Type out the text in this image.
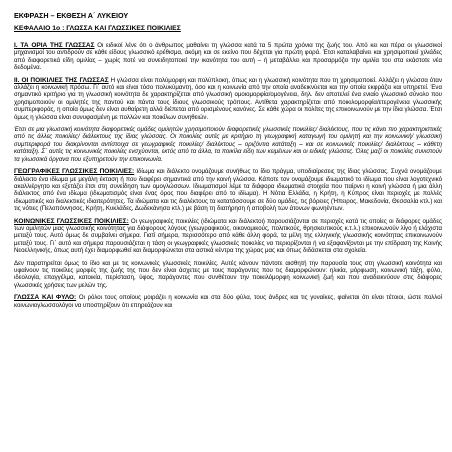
ΕΚΦΡΑΣΗ – ΕΚΘΕΣΗ Α΄ ΛΥΚΕΙΟΥ
ΚΕΦΑΛΑΙΟ 1ο : ΓΛΩΣΣΑ ΚΑΙ ΓΛΩΣΣΙΚΕΣ ΠΟΙΚΙΛΙΕΣ

Ι. ΤΑ ΟΡΙΑ ΤΗΣ ΓΛΩΣΣΑΣ Οι ειδικοί λένε ότι ο άνθρωπος μαθαίνει τη γλώσσα κατά τα 5 πρώτα χρόνια της ζωής του. Από κει και πέρα οι γλωσσικοί μηχανισμοί του αντιδρούν σε κάθε είδους γλωσσικό ερέθισμα, ακόμη και σε εκείνο που δέχεται για πρώτη φορά. Έτσι καταλαβαίνει και χρησιμοποιεί χιλιάδες από διαφορετικά είδη ομιλίας – χωρίς ποτέ να συνειδητοποιεί την ικανότητα του αυτή – ή μεταβάλλει και προσαρμόζει την ομιλία του στα εκάστοτε νέα δεδομένα.

ΙΙ. ΟΙ ΠΟΙΚΙΛΙΕΣ ΤΗΣ ΓΛΩΣΣΑΣ Η γλώσσα είναι πολύμορφη και πολύπλοκη, όπως και η γλωσσική κοινότητα που τη χρησιμοποιεί. Αλλάζει η γλώσσα όταν αλλάζει η κοινωνική πρόσω. Γι΄ αυτό και είναι τόσο πολυκύμαντη, όσο και η κοινωνία από την οποία αναδεικνύεται και την οποία εκφράζει και υπηρετεί. Ένα σημαντικό κριτήριο για τη γλωσσική κοινότητα δε χαρακτηρίζεται από γλωσσική ομοιομορφία/ομογένεια, δηλ. δεν αποτελεί ένα ενιαίο γλωσσικό σύνολο που χρησιμοποιούν οι ομιλητές της παντού και πάντα τους ίδιους γλωσσικούς τρόπους. Αντίθετα χαρακτηρίζεται από ποικιλομορφία/ετερογένεια γλωσσικής συμπεριφοράς, η οποία όμως δεν είναι αυθαίρετη αλλά διέπεται από ορισμένους κανόνες. Σε κάθε χώρα οι πολίτες της επικοινωνούν με την ίδια γλώσσα. Έτσι όμως η γλώσσα είναι συνυφασμένη με πολλών και ποικίλων συνηθειών.

Έτσι σε μια γλωσσική κοινότητα διαφορετικές ομάδες ομιλητών χρησιμοποιούν διαφορετικές γλωσσικές ποικιλίες/ διαλέκτους, που τις κάνει πιο χαρακτηριστικές από τις άλλες ποικιλίες/ διάλεκτους της ίδιας γλώσσας. Οι ποικιλίες αυτές με κριτήριο τη γεωγραφική καταγωγή του ομιλητή και την κοινωνική/ γλωσσική συμπεριφορά του διακρίνονται αντίστοιχα σε γεωγραφικές ποικιλίες/ διαλέκτους – οριζόντια κατάταξη – και σε κοινωνικές ποικιλίες/ διαλέκτους – κάθετη κατάταξη. Σ΄ αυτές τις κοινωνικές ποικιλίες ενσχύονται, εκτός από τα άλλα, τα ποικίλα είδη των κειμένων και οι ειδικές γλώσσες. Όλες μαζί οι ποικιλίες συνιστούν τα γλωσσικά όργανα που εξυπηρετούν την επικοινωνία.

ΓΕΩΓΡΑΦΙΚΕΣ ΓΛΩΣΣΙΚΕΣ ΠΟΙΚΙΛΙΕΣ: Ιδίωμα και διάλεκτο ονομάζουμε συνήθως το ίδιο πράγμα, υποδιαίρεσεις της ίδιας γλώσσας. Συχνά ονομάζουμε διάλεκτο ένα ιδίωμα με μεγάλη έκταση ή που διαφέρει σημαντικά από την κοινή γλώσσα. Κάποτε τον ονομάζουμε ιδιωματικό το ιδίωμα που είναι λογοτεχνικό ακαλλιέργητο και εξετάζει έτσι στη συνείδηση των ομογλώσσων. Ιδιωματισμοί λέμε τα διάφορα ιδιωματικά στοιχεία που παίρνει η κοινή γλώσσα ή μια άλλη διάλεκτος από ένα ιδίωμα (ιδιωματισμός είναι ένας όρος που διαφέρει από το ιδίωμα). Η Νότια Ελλάδα, η Κρήτη, η Κύπρος είναι περιοχές με πολλές ιδιωματικές και διαλεκτικές ιδιαιτερότητες. Τα ιδιώματα και τις διαλέκτους τα κατατάσσουμε σε δύο ομάδες, τις βόρειες (Ήπειρος, Μακεδονία, Θεσσαλία κτλ.) και τις νότιες (Πελοπόννησος, Κρήτη, Κυκλάδες, Δωδεκάνησα κτλ.) με βάση τη διατήρηση ή αποβολή των άτονων φωνηέντων.

ΚΟΙΝΩΝΙΚΕΣ ΓΛΩΣΣΙΚΕΣ ΠΟΙΚΙΛΙΕΣ: Οι γεωγραφικές ποικιλίες (ιδιώματα και διάλεκτοι) παρουσιάζονται σε περιοχές κατά τις οποίες οι διάφορες ομάδες των ομιλητών μιας γλωσσικής κοινότητας για διάφορους λόγους (γεωγραφικούς, οικονομικούς, πολιτικούς, θρησκευτικούς κ.τ.λ.) επικοινωνούν λίγο ή ελάχιστα μεταξύ τους. Αυτό όμως δε συμβαίνει σήμερα. Γιατί σήμερα, περισσότερο από κάθε άλλη φορά, τα μέλη της ελληνικής γλωσσικής κοινότητας επικοινωνούν μεταξύ τους. Γι΄ αυτό και σήμερα παρουσιάζεται η τάση οι γεωγραφικές γλωσσικές ποικιλίες να περιορίζονται ή να εξαφανίζονται με την επίδραση της Κοινής Νεοελληνικής, όπως αυτή έχει διαμορφωθεί και διαμορφώνεται στα αστικά κέντρα της χώρας μας και όπως διδάσκεται στα σχολεία.

Δεν παρατηρείται όμως το ίδιο και με τις κοινωνικές γλωσσικές ποικιλίες. Αυτές κάνουν πάντοτε αισθητή την παρουσία τους στη γλωσσική κοινότητα και υφαίνουν τις ποικίλες μορφές της ζωής της που δεν είναι άσχετες με τους παράγοντες που τις διαμορφώνουν: ηλικία, μόρφωση, κοινωνική τάξη, φύλο, ιδεολογία, επαγγέλμα, κατοικία, περίσταση, ύφος, παράγοντες που συνθέτουν την ποικιλόμορφη κοινωνική ζωή και που αναδεικνύουν στις διάφορες γλωσσικές χρήσεις των μελών της.

ΓΛΩΣΣΑ ΚΑΙ ΦΥΛΟ: Οι ρόλοι τους οποίους μοιράζει η κοινωνία και στα δύο φύλα, τους άνδρες και τις γυναίκες, φαίνεται ότι είναι τέτοιοι, ώστε πολλοί κοινωνιογλωσσολόγοι να υποστηρίζουν ότι επηρεάζουν και
